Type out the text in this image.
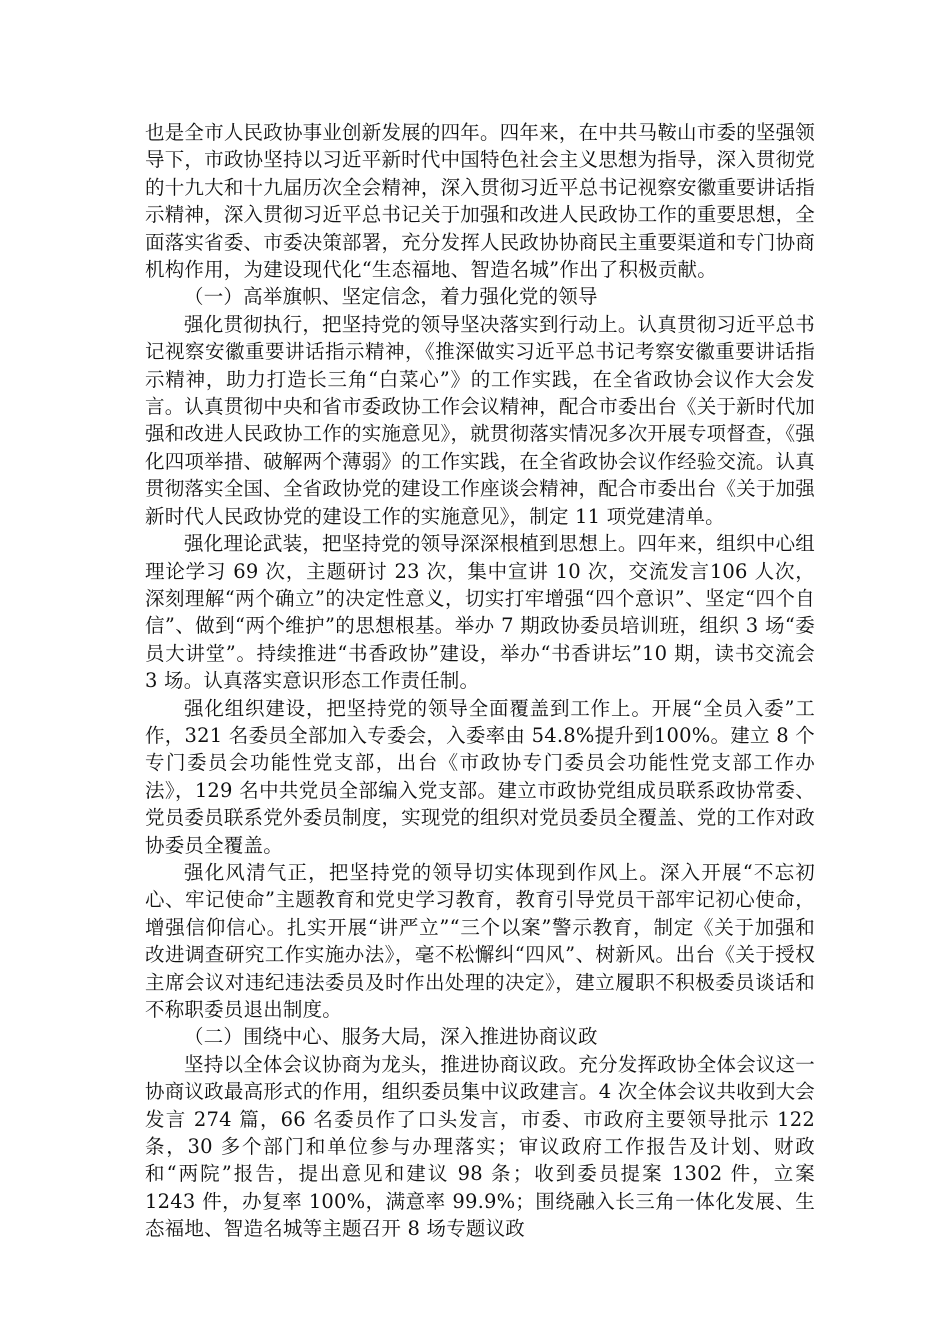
也是全市人民政协事业创新发展的四年。四年来，在中共马鞍山市委的坚强领导下，市政协坚持以习近平新时代中国特色社会主义思想为指导，深入贯彻党的十九大和十九届历次全会精神，深入贯彻习近平总书记视察安徽重要讲话指示精神，深入贯彻习近平总书记关于加强和改进人民政协工作的重要思想，全面落实省委、市委决策部署，充分发挥人民政协协商民主重要渠道和专门协商机构作用，为建设现代化“生态福地、智造名城”作出了积极贡献。

（一）高举旗帜、坚定信念，着力强化党的领导

强化贯彻执行，把坚持党的领导坚决落实到行动上。认真贯彻习近平总书记视察安徽重要讲话指示精神，《推深做实习近平总书记考察安徽重要讲话指示精神，助力打造长三角“白菜心”》的工作实践，在全省政协会议作大会发言。认真贯彻中央和省市委政协工作会议精神，配合市委出台《关于新时代加强和改进人民政协工作的实施意见》，就贯彻落实情况多次开展专项督查，《强化四项举措、破解两个薄弱》的工作实践，在全省政协会议作经验交流。认真贯彻落实全国、全省政协党的建设工作座谈会精神，配合市委出台《关于加强新时代人民政协党的建设工作的实施意见》，制定 11 项党建清单。

强化理论武装，把坚持党的领导深深根植到思想上。四年来，组织中心组理论学习 69 次，主题研讨 23 次，集中宣讲 10 次，交流发言106 人次，深刻理解“两个确立”的决定性意义，切实打牢增强“四个意识”、坚定“四个自信”、做到“两个维护”的思想根基。举办 7 期政协委员培训班，组织 3 场“委员大讲堂”。持续推进“书香政协”建设，举办“书香讲坛”10 期，读书交流会 3 场。认真落实意识形态工作责任制。

强化组织建设，把坚持党的领导全面覆盖到工作上。开展“全员入委”工作，321 名委员全部加入专委会，入委率由 54.8%提升到100%。建立 8 个专门委员会功能性党支部，出台《市政协专门委员会功能性党支部工作办法》，129 名中共党员全部编入党支部。建立市政协党组成员联系政协常委、党员委员联系党外委员制度，实现党的组织对党员委员全覆盖、党的工作对政协委员全覆盖。

强化风清气正，把坚持党的领导切实体现到作风上。深入开展“不忘初心、牢记使命”主题教育和党史学习教育，教育引导党员干部牢记初心使命，增强信仰信心。扎实开展“讲严立”“三个以案”警示教育，制定《关于加强和改进调查研究工作实施办法》，毫不松懈纠“四风”、树新风。出台《关于授权主席会议对违纪违法委员及时作出处理的决定》，建立履职不积极委员谈话和不称职委员退出制度。

（二）围绕中心、服务大局，深入推进协商议政

坚持以全体会议协商为龙头，推进协商议政。充分发挥政协全体会议这一协商议政最高形式的作用，组织委员集中议政建言。4 次全体会议共收到大会发言 274 篇，66 名委员作了口头发言，市委、市政府主要领导批示 122 条，30 多个部门和单位参与办理落实；审议政府工作报告及计划、财政和“两院”报告，提出意见和建议 98 条；收到委员提案 1302 件，立案 1243 件，办复率 100%，满意率 99.9%；围绕融入长三角一体化发展、生态福地、智造名城等主题召开 8 场专题议政
